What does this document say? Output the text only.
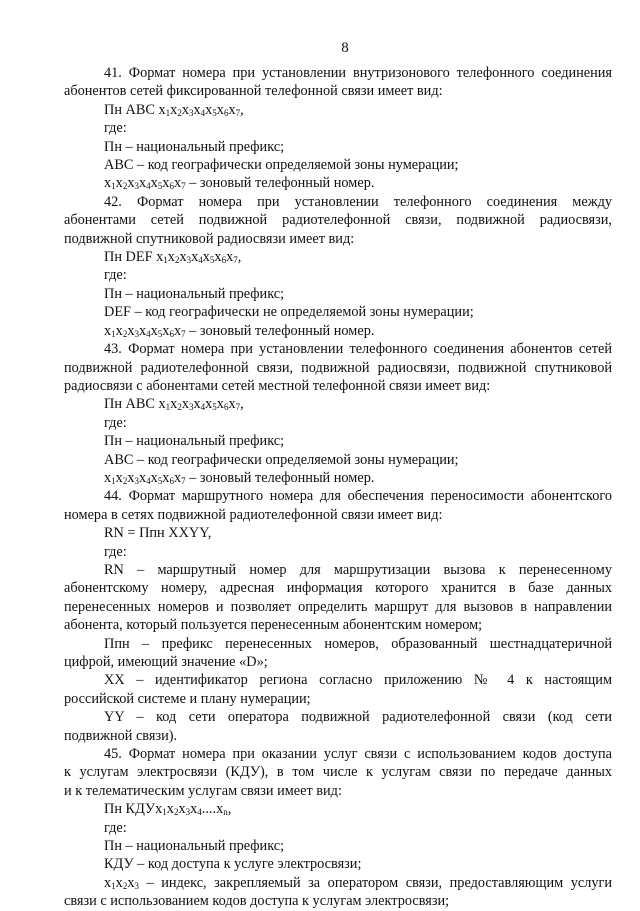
8
41. Формат номера при установлении внутризонового телефонного соединения
абонентов сетей фиксированной телефонной связи имеет вид:
Пн ABC $x_1x_2x_3x_4x_5x_6x_7$,
где:
Пн – национальный префикс;
ABC – код географически определяемой зоны нумерации;
$x_1x_2x_3x_4x_5x_6x_7$ – зоновый телефонный номер.
42. Формат номера при установлении телефонного соединения между
абонентами сетей подвижной радиотелефонной связи, подвижной радиосвязи,
подвижной спутниковой радиосвязи имеет вид:
Пн DEF $x_1x_2x_3x_4x_5x_6x_7$,
где:
Пн – национальный префикс;
DEF – код географически не определяемой зоны нумерации;
$x_1x_2x_3x_4x_5x_6x_7$ – зоновый телефонный номер.
43. Формат номера при установлении телефонного соединения абонентов сетей
подвижной радиотелефонной связи, подвижной радиосвязи, подвижной спутниковой
радиосвязи с абонентами сетей местной телефонной связи имеет вид:
Пн ABC $x_1x_2x_3x_4x_5x_6x_7$,
где:
Пн – национальный префикс;
ABC – код географически определяемой зоны нумерации;
$x_1x_2x_3x_4x_5x_6x_7$ – зоновый телефонный номер.
44. Формат маршрутного номера для обеспечения переносимости абонентского
номера в сетях подвижной радиотелефонной связи имеет вид:
RN = Ппн XXYY,
где:
RN – маршрутный номер для маршрутизации вызова к перенесенному
абонентскому номеру, адресная информация которого хранится в базе данных
перенесенных номеров и позволяет определить маршрут для вызовов в направлении
абонента, который пользуется перенесенным абонентским номером;
Ппн – префикс перенесенных номеров, образованный шестнадцатеричной
цифрой, имеющий значение «D»;
XX – идентификатор региона согласно приложению № 4 к настоящим
российской системе и плану нумерации;
YY – код сети оператора подвижной радиотелефонной связи (код сети
подвижной связи).
45. Формат номера при оказании услуг связи с использованием кодов доступа
к услугам электросвязи (КДУ), в том числе к услугам связи по передаче данных
и к телематическим услугам связи имеет вид:
Пн $КДУx_1x_2x_3x_4....x_n$,
где:
Пн – национальный префикс;
КДУ – код доступа к услуге электросвязи;
$x_1x_2x_3$ – индекс, закрепляемый за оператором связи, предоставляющим услуги
связи с использованием кодов доступа к услугам электросвязи;
